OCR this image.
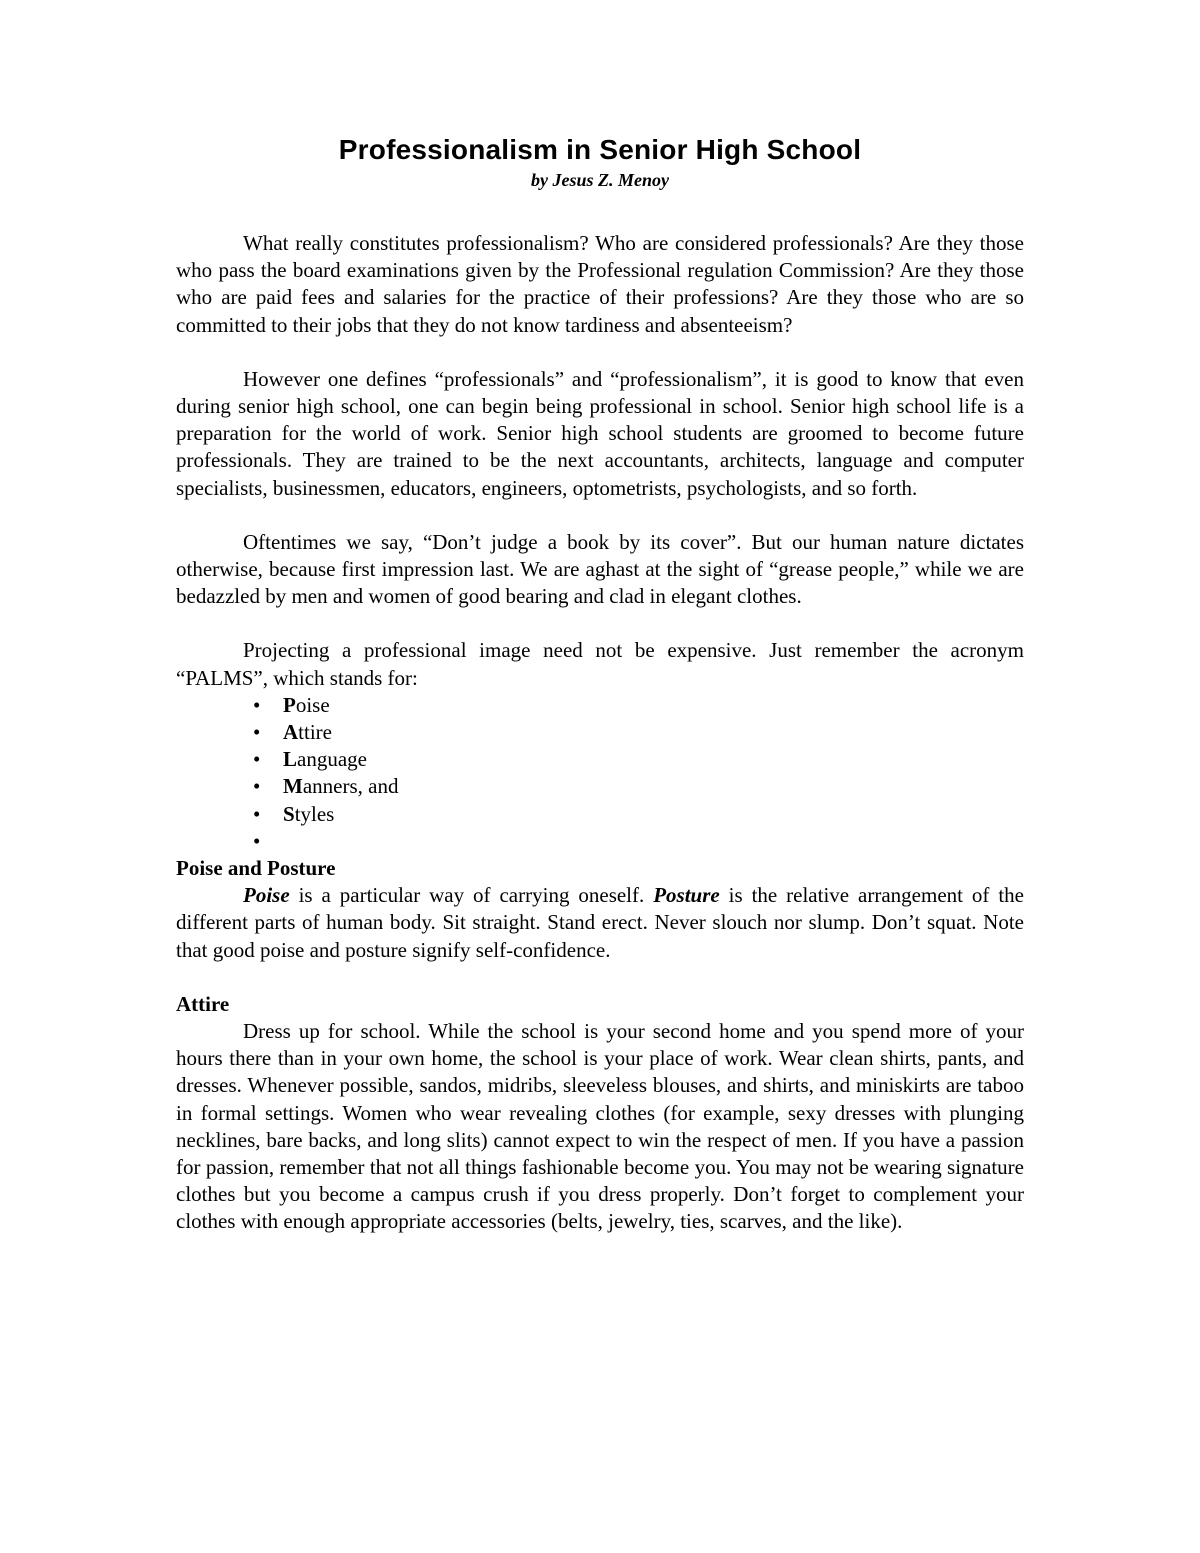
Professionalism in Senior High School
by Jesus Z. Menoy

What really constitutes professionalism? Who are considered professionals? Are they those who pass the board examinations given by the Professional regulation Commission? Are they those who are paid fees and salaries for the practice of their professions? Are they those who are so committed to their jobs that they do not know tardiness and absenteeism?

However one defines “professionals” and “professionalism”, it is good to know that even during senior high school, one can begin being professional in school. Senior high school life is a preparation for the world of work. Senior high school students are groomed to become future professionals. They are trained to be the next accountants, architects, language and computer specialists, businessmen, educators, engineers, optometrists, psychologists, and so forth.

Oftentimes we say, “Don’t judge a book by its cover”. But our human nature dictates otherwise, because first impression last. We are aghast at the sight of “grease people,” while we are bedazzled by men and women of good bearing and clad in elegant clothes.

Projecting a professional image need not be expensive. Just remember the acronym “PALMS”, which stands for:

• Poise
• Attire
• Language
• Manners, and
• Styles
•
Poise and Posture

Poise is a particular way of carrying oneself. Posture is the relative arrangement of the different parts of human body. Sit straight. Stand erect. Never slouch nor slump. Don’t squat. Note that good poise and posture signify self-confidence.

Attire

Dress up for school. While the school is your second home and you spend more of your hours there than in your own home, the school is your place of work. Wear clean shirts, pants, and dresses. Whenever possible, sandos, midribs, sleeveless blouses, and shirts, and miniskirts are taboo in formal settings. Women who wear revealing clothes (for example, sexy dresses with plunging necklines, bare backs, and long slits) cannot expect to win the respect of men. If you have a passion for passion, remember that not all things fashionable become you. You may not be wearing signature clothes but you become a campus crush if you dress properly. Don’t forget to complement your clothes with enough appropriate accessories (belts, jewelry, ties, scarves, and the like).
